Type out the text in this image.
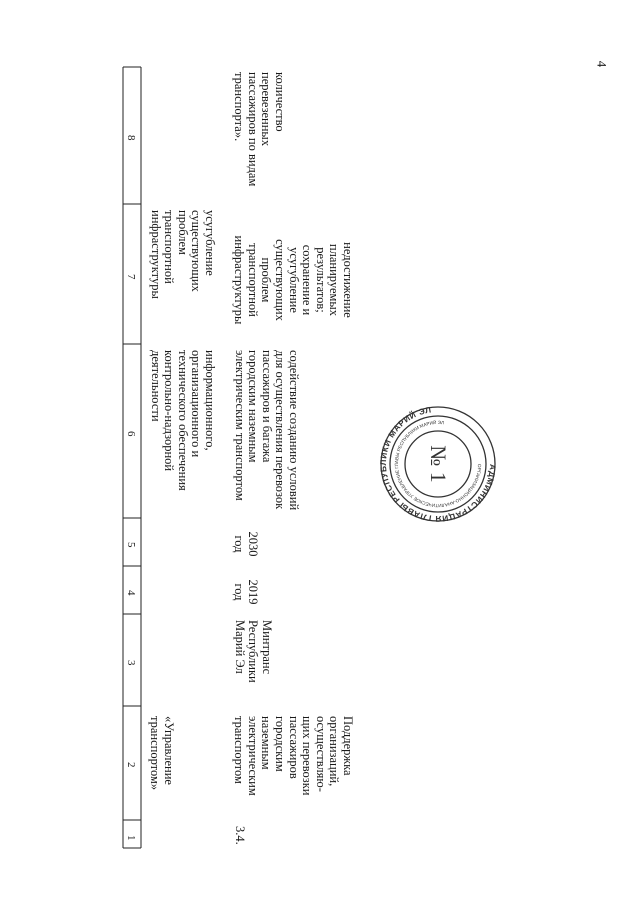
4
1
2
3
4
5
6
7
8
«Управление
транспортом»
информационного,
организационного и
технического обеспечения
контрольно-надзорной
деятельности
усугубление
существующих
проблем
транспортной
инфраструктуры
3.4.
Поддержка
организаций,
осуществляю-
щих перевозки
пассажиров
городским
наземным
электрическим
транспортом
Минтранс
Республики
Марий Эл
2019
год
2030
год
содействие созданию условий
для осуществления перевозок
пассажиров и багажа
городским наземным
электрическим транспортом
недостижение
планируемых
результатов;
сохранение и
усугубление
существующих
проблем
транспортной
инфраструктуры
количество
перевезенных
пассажиров по видам
транспорта».
АДМИНИСТРАЦИЯ ГЛАВЫ РЕСПУБЛИКИ МАРИЙ ЭЛ
ОРГАНИЗАЦИОННО-АНАЛИТИЧЕСКОЕ УПРАВЛЕНИЕ ГЛАВЫ РЕСПУБЛИКИ МАРИЙ ЭЛ
№ 1
